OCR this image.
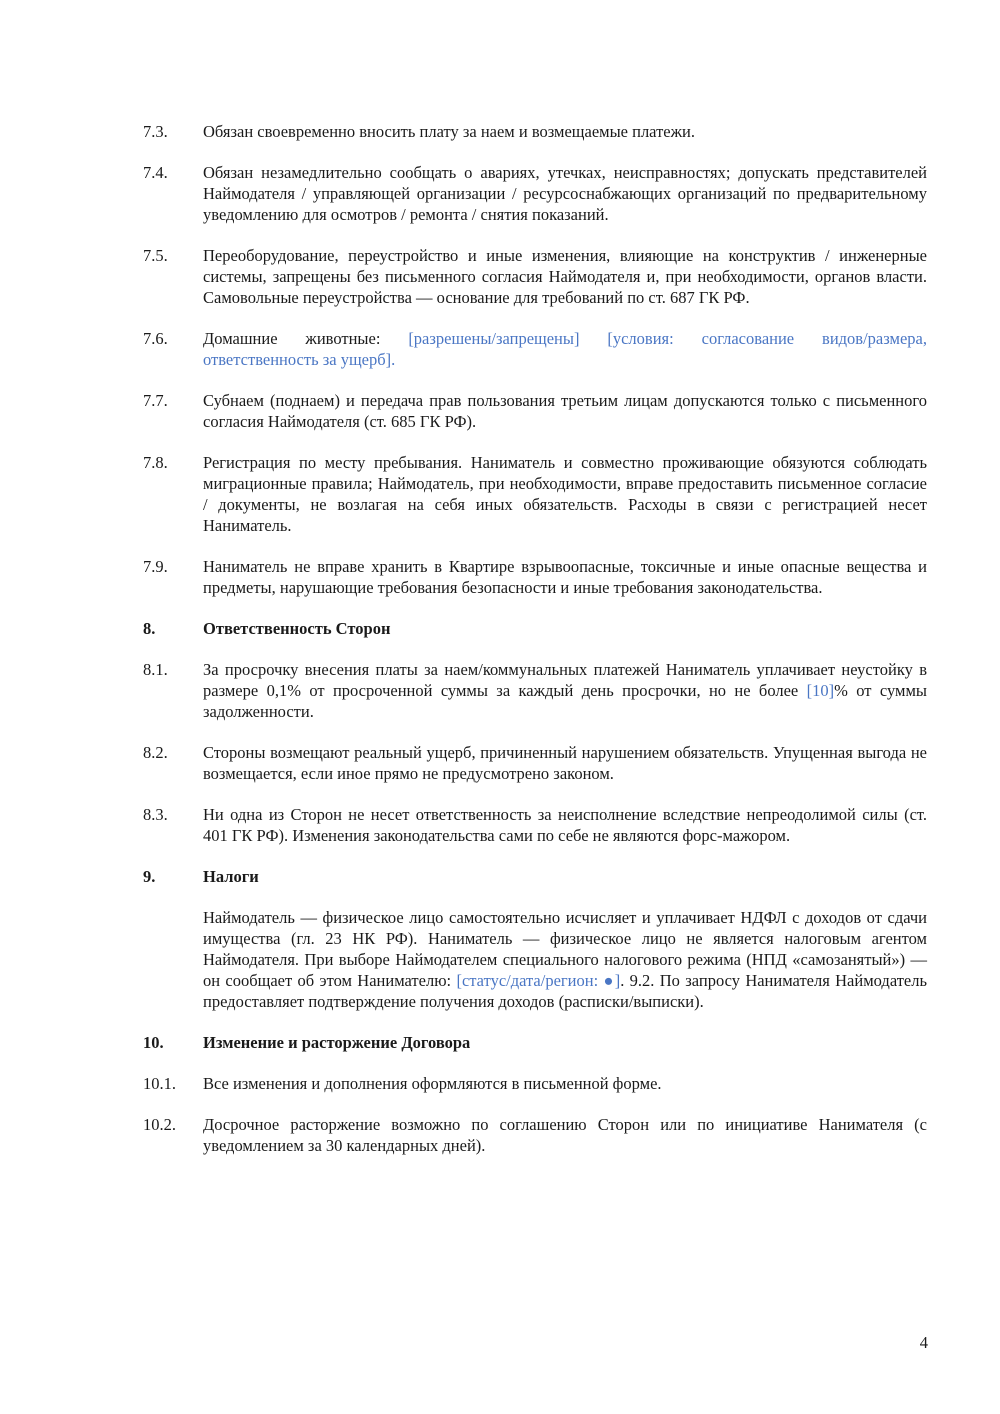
7.3.	Обязан своевременно вносить плату за наем и возмещаемые платежи.
7.4.	Обязан незамедлительно сообщать о авариях, утечках, неисправностях; допускать представителей Наймодателя / управляющей организации / ресурсоснабжающих организаций по предварительному уведомлению для осмотров / ремонта / снятия показаний.
7.5.	Переоборудование, переустройство и иные изменения, влияющие на конструктив / инженерные системы, запрещены без письменного согласия Наймодателя и, при необходимости, органов власти. Самовольные переустройства — основание для требований по ст. 687 ГК РФ.
7.6.	Домашние животные: [разрешены/запрещены] [условия: согласование видов/размера, ответственность за ущерб].
7.7.	Субнаем (поднаем) и передача прав пользования третьим лицам допускаются только с письменного согласия Наймодателя (ст. 685 ГК РФ).
7.8.	Регистрация по месту пребывания. Наниматель и совместно проживающие обязуются соблюдать миграционные правила; Наймодатель, при необходимости, вправе предоставить письменное согласие / документы, не возлагая на себя иных обязательств. Расходы в связи с регистрацией несет Наниматель.
7.9.	Наниматель не вправе хранить в Квартире взрывоопасные, токсичные и иные опасные вещества и предметы, нарушающие требования безопасности и иные требования законодательства.
8.	Ответственность Сторон
8.1.	За просрочку внесения платы за наем/коммунальных платежей Наниматель уплачивает неустойку в размере 0,1% от просроченной суммы за каждый день просрочки, но не более [10]% от суммы задолженности.
8.2.	Стороны возмещают реальный ущерб, причиненный нарушением обязательств. Упущенная выгода не возмещается, если иное прямо не предусмотрено законом.
8.3.	Ни одна из Сторон не несет ответственность за неисполнение вследствие непреодолимой силы (ст. 401 ГК РФ). Изменения законодательства сами по себе не являются форс-мажором.
9.	Налоги
Наймодатель — физическое лицо самостоятельно исчисляет и уплачивает НДФЛ с доходов от сдачи имущества (гл. 23 НК РФ). Наниматель — физическое лицо не является налоговым агентом Наймодателя. При выборе Наймодателем специального налогового режима (НПД «самозанятый») — он сообщает об этом Нанимателю: [статус/дата/регион: ●]. 9.2. По запросу Нанимателя Наймодатель предоставляет подтверждение получения доходов (расписки/выписки).
10.	Изменение и расторжение Договора
10.1.	Все изменения и дополнения оформляются в письменной форме.
10.2.	Досрочное расторжение возможно по соглашению Сторон или по инициативе Нанимателя (с уведомлением за 30 календарных дней).
4
